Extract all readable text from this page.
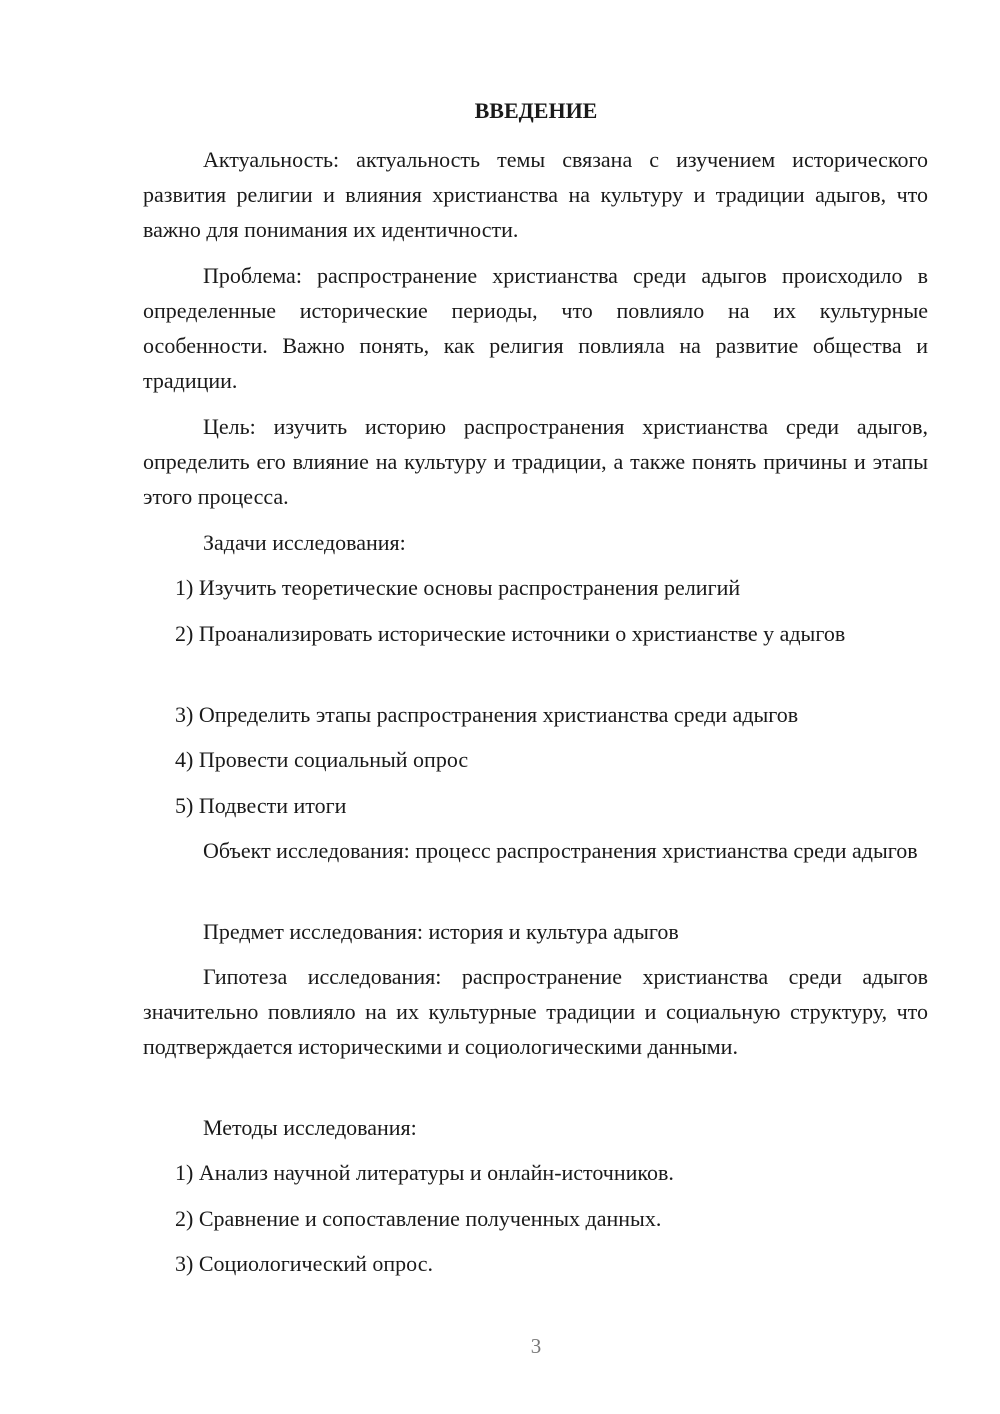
ВВЕДЕНИЕ

Актуальность: актуальность темы связана с изучением исторического развития религии и влияния христианства на культуру и традиции адыгов, что важно для понимания их идентичности.

Проблема: распространение христианства среди адыгов происходило в определенные исторические периоды, что повлияло на их культурные особенности. Важно понять, как религия повлияла на развитие общества и традиции.

Цель: изучить историю распространения христианства среди адыгов, определить его влияние на культуру и традиции, а также понять причины и этапы этого процесса.

Задачи исследования:

1) Изучить теоретические основы распространения религий

2) Проанализировать исторические источники о христианстве у адыгов

3) Определить этапы распространения христианства среди адыгов

4) Провести социальный опрос

5) Подвести итоги

Объект исследования: процесс распространения христианства среди адыгов

Предмет исследования: история и культура адыгов

Гипотеза исследования: распространение христианства среди адыгов значительно повлияло на их культурные традиции и социальную структуру, что подтверждается историческими и социологическими данными.

Методы исследования:

1) Анализ научной литературы и онлайн-источников.

2) Сравнение и сопоставление полученных данных.

3) Социологический опрос.

3
